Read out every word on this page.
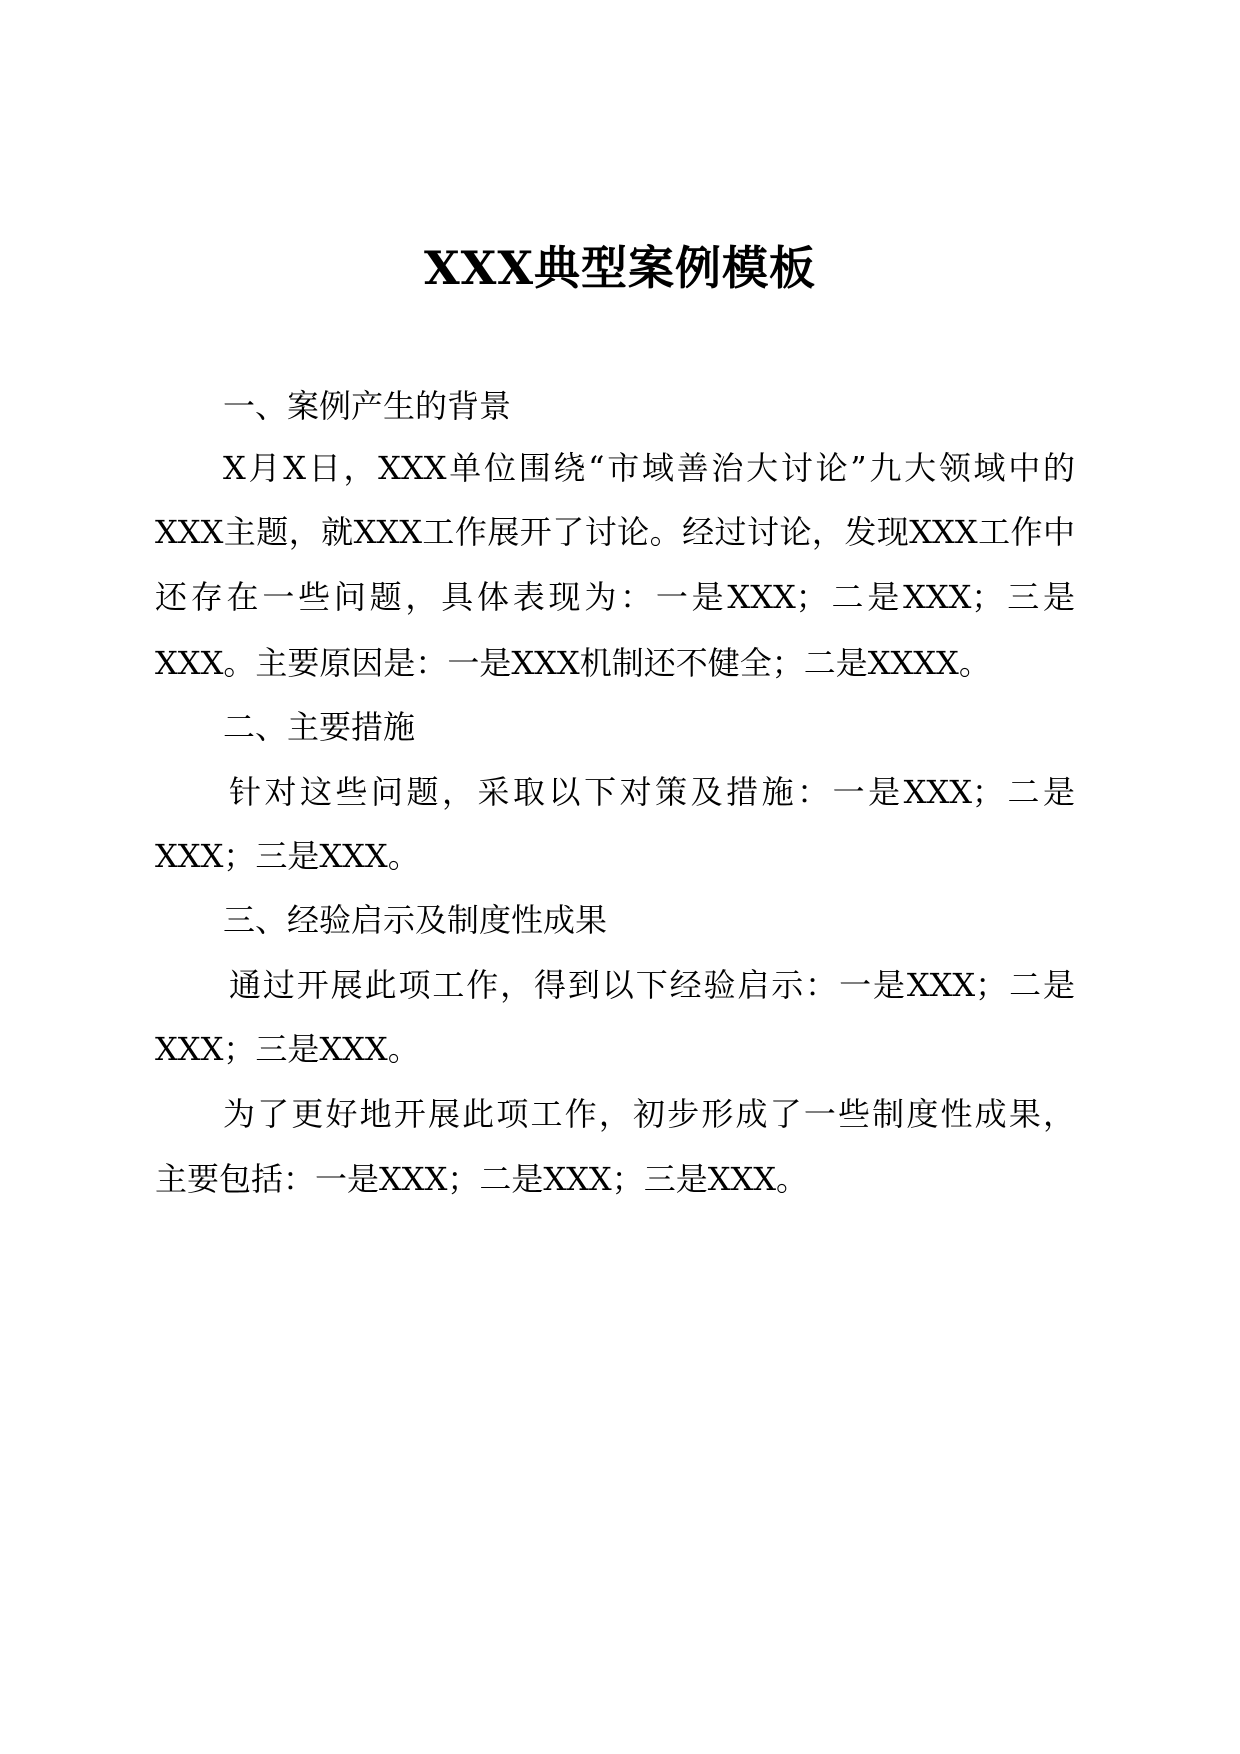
XXX典型案例模板
一、案例产生的背景
X月X日，XXX单位围绕“市域善治大讨论”九大领域中的
XXX主题，就XXX工作展开了讨论。经过讨论，发现XXX工作中
还存在一些问题，具体表现为：一是XXX；二是XXX；三是
XXX。主要原因是：一是XXX机制还不健全；二是XXXX。
二、主要措施
针对这些问题，采取以下对策及措施：一是XXX；二是
XXX；三是XXX。
三、经验启示及制度性成果
通过开展此项工作，得到以下经验启示：一是XXX；二是
XXX；三是XXX。
为了更好地开展此项工作，初步形成了一些制度性成果，
主要包括：一是XXX；二是XXX；三是XXX。
